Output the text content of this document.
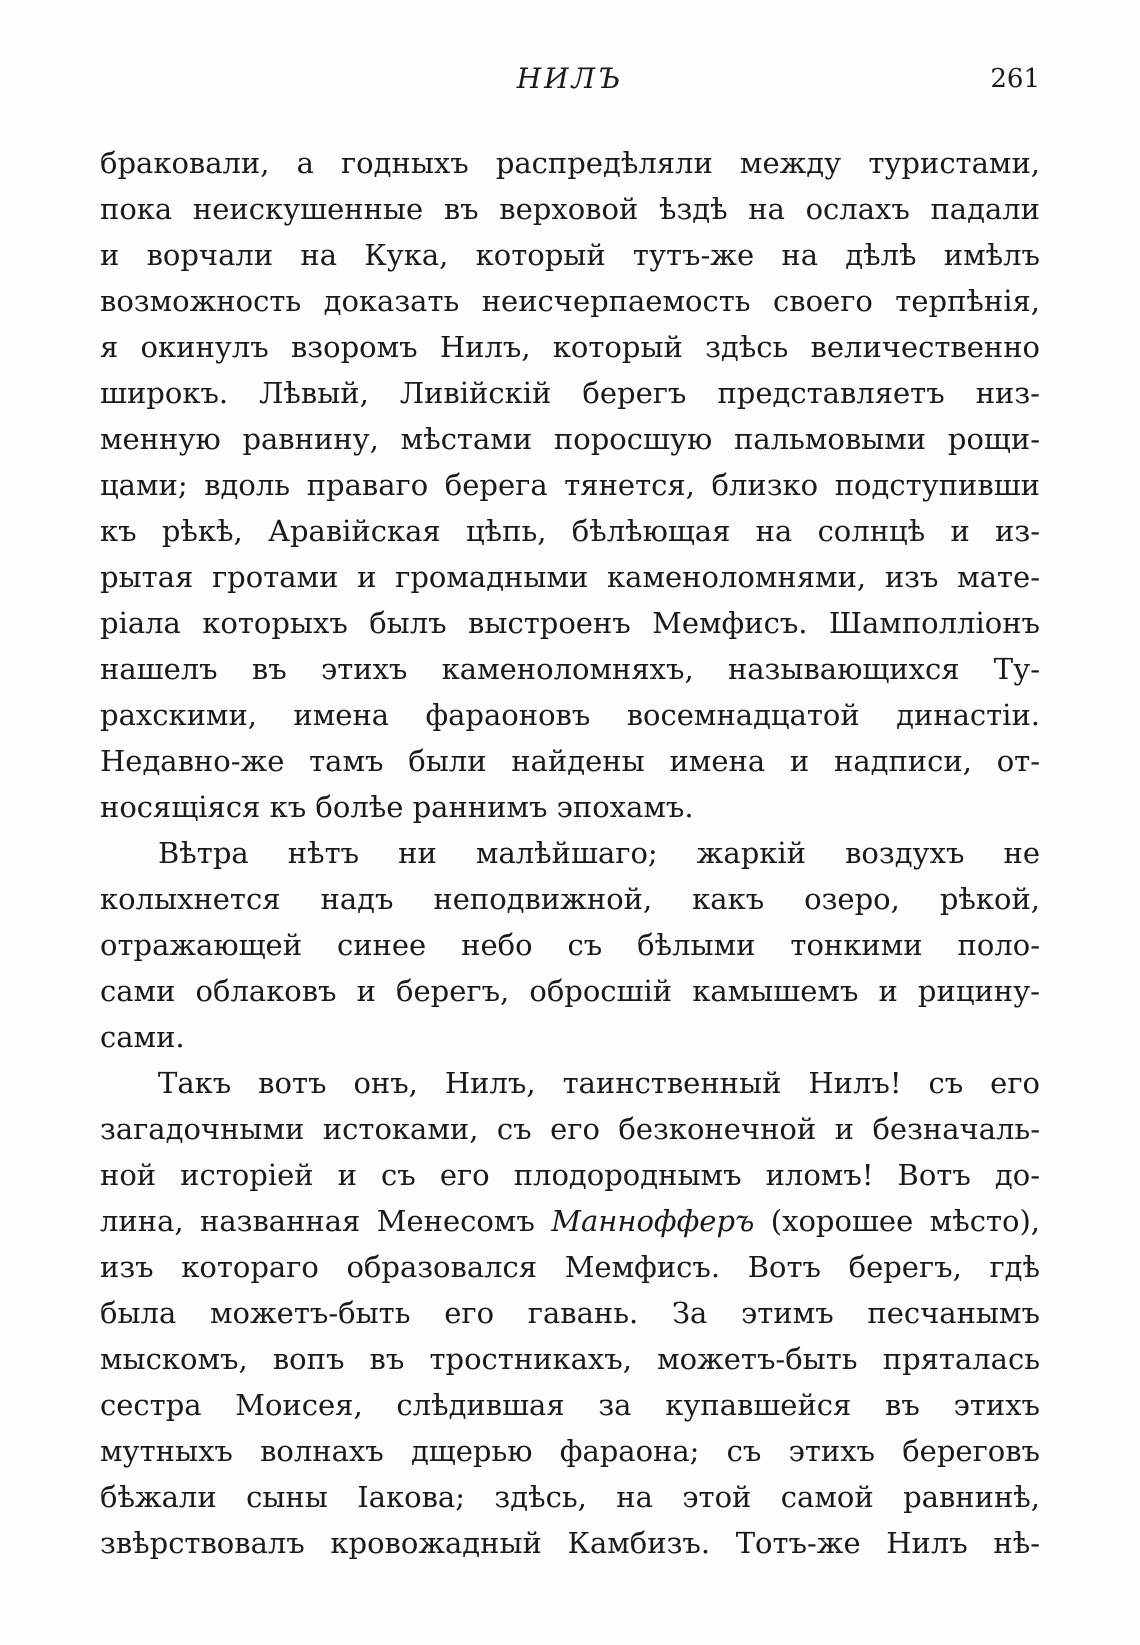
НИЛЪ	261
браковали, а годныхъ распредѣляли между туристами,
пока неискушенные въ верховой ѣздѣ на ослахъ падали
и ворчали на Кука, который тутъ-же на дѣлѣ имѣлъ
возможность доказать неисчерпаемость своего терпѣнія,
я окинулъ взоромъ Нилъ, который здѣсь величественно
широкъ. Лѣвый, Ливійскій берегъ представляетъ низ-
менную равнину, мѣстами поросшую пальмовыми рощи-
цами; вдоль праваго берега тянется, близко подступивши
къ рѣкѣ, Аравійская цѣпь, бѣлѣющая на солнцѣ и из-
рытая гротами и громадными каменоломнями, изъ мате-
ріала которыхъ былъ выстроенъ Мемфисъ. Шамполліонъ
нашелъ въ этихъ каменоломняхъ, называющихся Ту-
рахскими, имена фараоновъ восемнадцатой династіи.
Недавно-же тамъ были найдены имена и надписи, от-
носящіяся къ болѣе раннимъ эпохамъ.
Вѣтра нѣтъ ни малѣйшаго; жаркій воздухъ не
колыхнется надъ неподвижной, какъ озеро, рѣкой,
отражающей синее небо съ бѣлыми тонкими поло-
сами облаковъ и берегъ, обросшій камышемъ и рицину-
сами.
Такъ вотъ онъ, Нилъ, таинственный Нилъ! съ его
загадочными истоками, съ его безконечной и безначаль-
ной исторіей и съ его плодороднымъ иломъ! Вотъ до-
лина, названная Менесомъ Маннофферъ (хорошее мѣсто),
изъ котораго образовался Мемфисъ. Вотъ берегъ, гдѣ
была можетъ-быть его гавань. За этимъ песчанымъ
мыскомъ, вопъ въ тростникахъ, можетъ-быть пряталась
сестра Моисея, слѣдившая за купавшейся въ этихъ
мутныхъ волнахъ дщерью фараона; съ этихъ береговъ
бѣжали сыны Іакова; здѣсь, на этой самой равнинѣ,
звѣрствовалъ кровожадный Камбизъ. Тотъ-же Нилъ нѣ-
